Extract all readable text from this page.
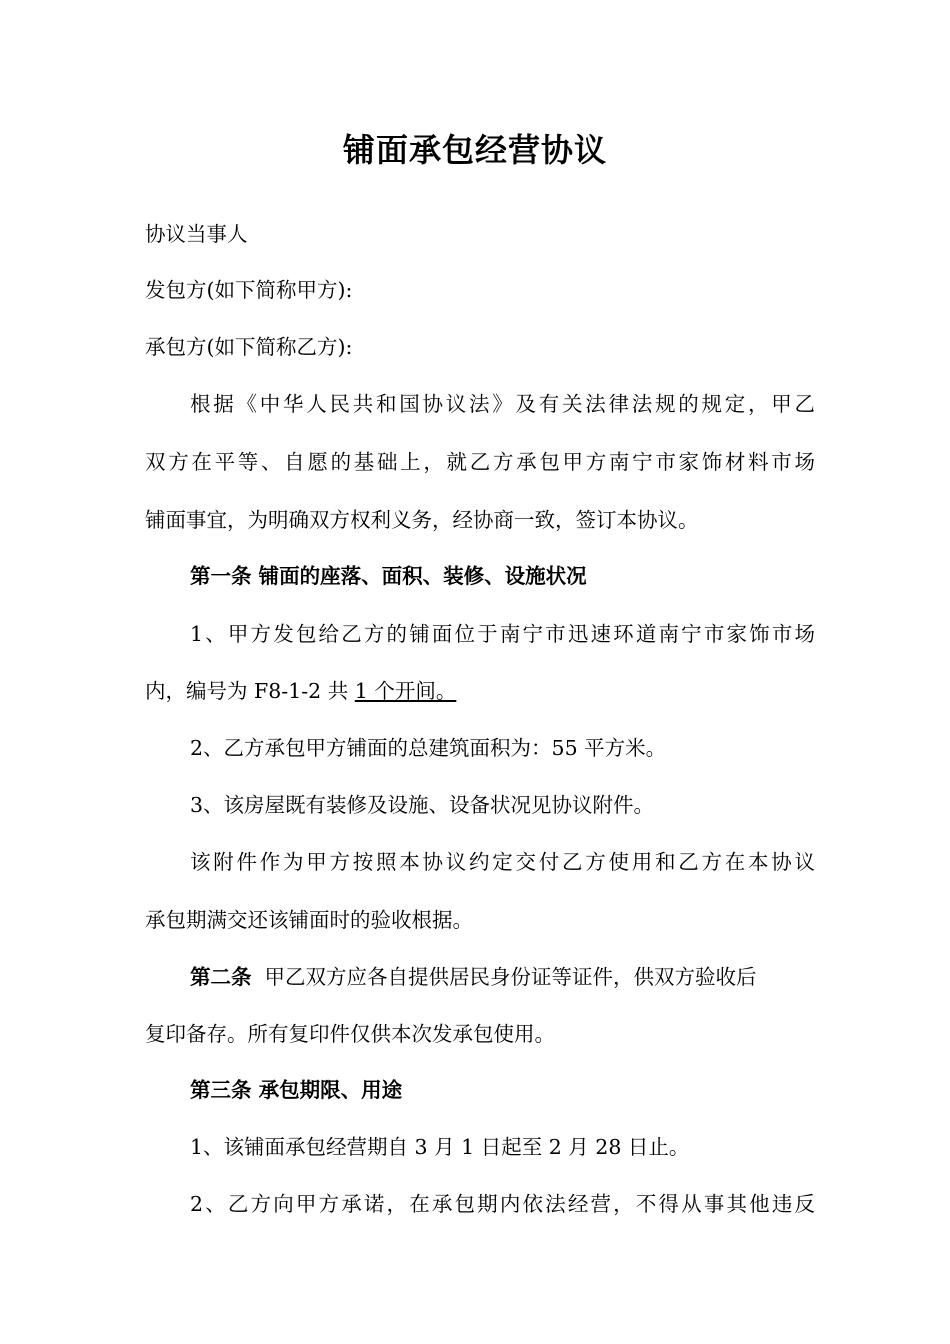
铺面承包经营协议
协议当事人
发包方(如下简称甲方):
承包方(如下简称乙方):
根据《中华人民共和国协议法》及有关法律法规的规定，甲乙
双方在平等、自愿的基础上，就乙方承包甲方南宁市家饰材料市场
铺面事宜，为明确双方权利义务，经协商一致，签订本协议。
第一条 铺面的座落、面积、装修、设施状况
1、甲方发包给乙方的铺面位于南宁市迅速环道南宁市家饰市场
内，编号为 F8-1-2 共 1 个开间。
2、乙方承包甲方铺面的总建筑面积为：55 平方米。
3、该房屋既有装修及设施、设备状况见协议附件。
该附件作为甲方按照本协议约定交付乙方使用和乙方在本协议
承包期满交还该铺面时的验收根据。
第二条  甲乙双方应各自提供居民身份证等证件，供双方验收后
复印备存。所有复印件仅供本次发承包使用。
第三条 承包期限、用途
1、该铺面承包经营期自 3 月 1 日起至 2 月 28 日止。
2、乙方向甲方承诺，在承包期内依法经营，不得从事其他违反
